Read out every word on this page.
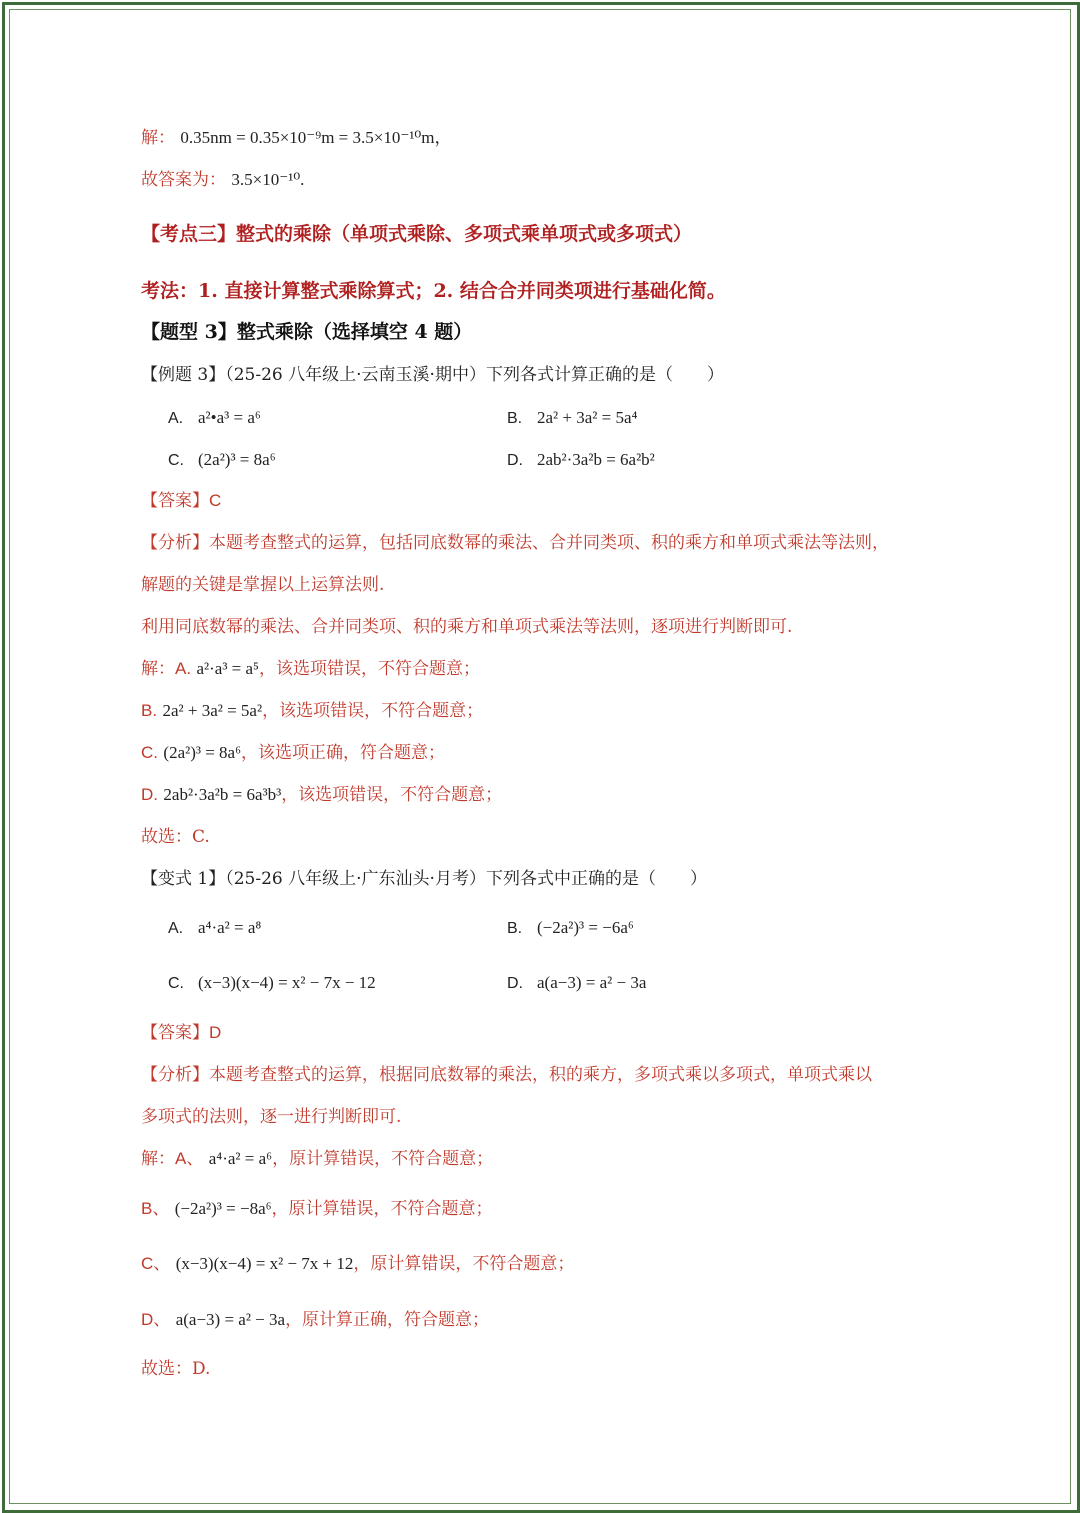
解： 0.35nm = 0.35×10⁻⁹m = 3.5×10⁻¹⁰m，
故答案为： 3.5×10⁻¹⁰.
【考点三】整式的乘除（单项式乘除、多项式乘单项式或多项式）
考法：1. 直接计算整式乘除算式；2. 结合合并同类项进行基础化简。
【题型 3】整式乘除（选择填空 4 题）
【例题 3】（25-26 八年级上·云南玉溪·期中）下列各式计算正确的是（　　）
A. a²•a³ = a⁶	B. 2a² + 3a² = 5a⁴
C. (2a²)³ = 8a⁶	D. 2ab²·3a²b = 6a²b²
【答案】C
【分析】本题考查整式的运算，包括同底数幂的乘法、合并同类项、积的乘方和单项式乘法等法则，
解题的关键是掌握以上运算法则.
利用同底数幂的乘法、合并同类项、积的乘方和单项式乘法等法则，逐项进行判断即可.
解：A. a²·a³ = a⁵，该选项错误，不符合题意；
B. 2a² + 3a² = 5a²，该选项错误，不符合题意；
C. (2a²)³ = 8a⁶，该选项正确，符合题意；
D. 2ab²·3a²b = 6a³b³，该选项错误，不符合题意；
故选：C.
【变式 1】（25-26 八年级上·广东汕头·月考）下列各式中正确的是（　　）
A. a⁴·a² = a⁸	B. (−2a²)³ = −6a⁶
C. (x−3)(x−4) = x² − 7x − 12	D. a(a−3) = a² − 3a
【答案】D
【分析】本题考查整式的运算，根据同底数幂的乘法，积的乘方，多项式乘以多项式，单项式乘以
多项式的法则，逐一进行判断即可.
解：A、 a⁴·a² = a⁶，原计算错误，不符合题意；
B、 (−2a²)³ = −8a⁶，原计算错误，不符合题意；
C、 (x−3)(x−4) = x² − 7x + 12，原计算错误，不符合题意；
D、 a(a−3) = a² − 3a，原计算正确，符合题意；
故选：D.
